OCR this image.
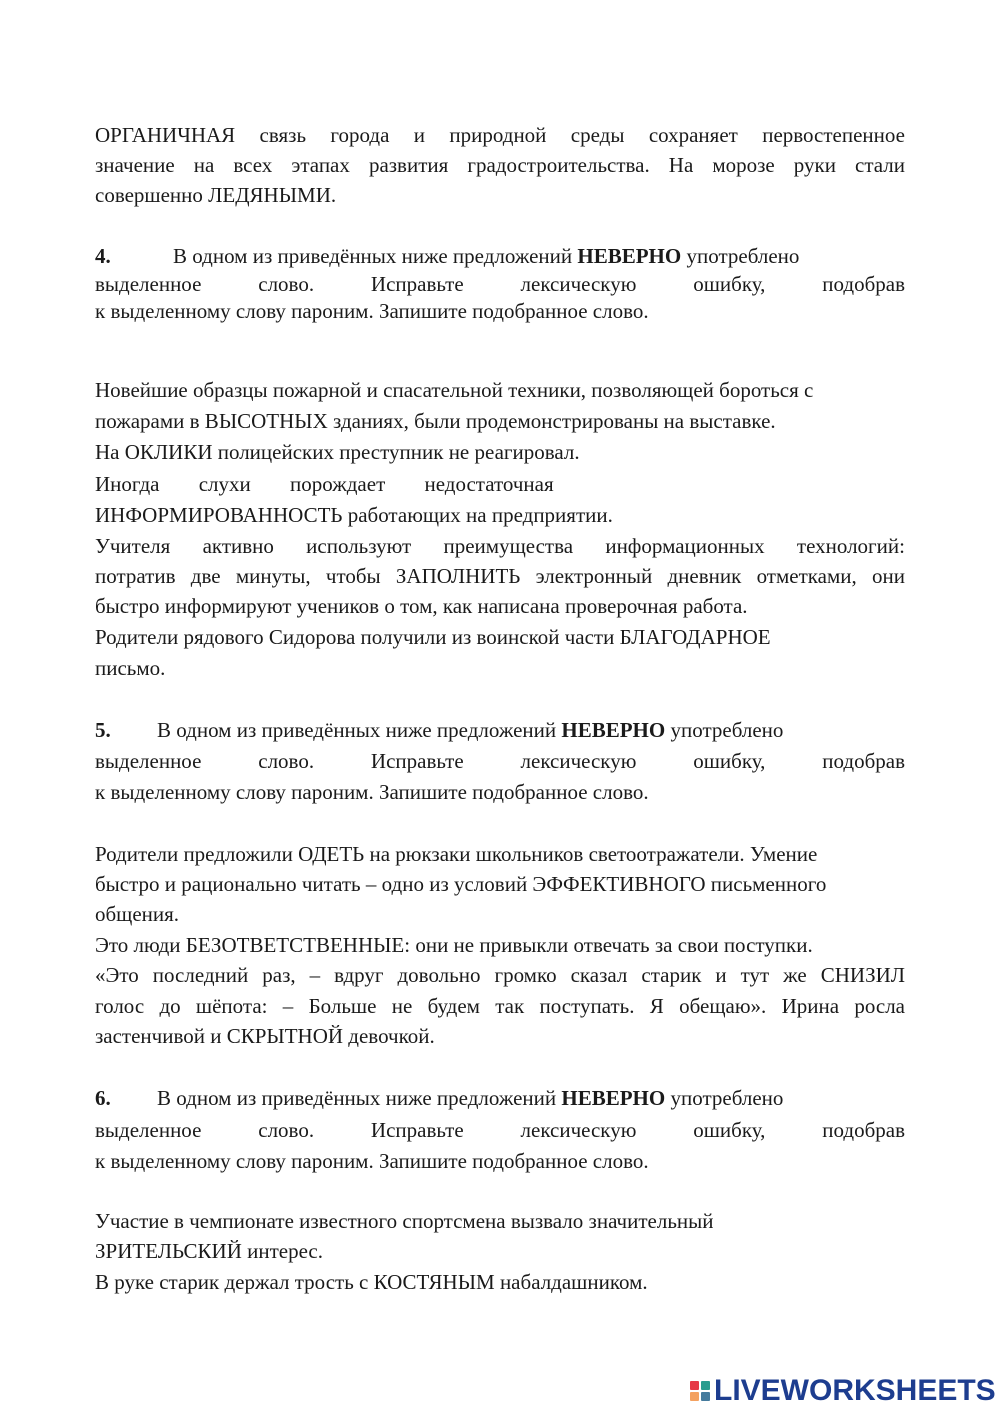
ОРГАНИЧНАЯ связь города и природной среды сохраняет первостепенное
значение на всех этапах развития градостроительства. На морозе руки стали
совершенно ЛЕДЯНЫМИ.
4.	В одном из приведённых ниже предложений НЕВЕРНО употреблено
выделенное слово. Исправьте лексическую ошибку, подобрав
к выделенному слову пароним. Запишите подобранное слово.
Новейшие образцы пожарной и спасательной техники, позволяющей бороться с
пожарами в ВЫСОТНЫХ зданиях, были продемонстрированы на выставке.
На ОКЛИКИ полицейских преступник не реагировал.
Иногда слухи порождает недостаточная
ИНФОРМИРОВАННОСТЬ работающих на предприятии.
Учителя активно используют преимущества информационных технологий:
потратив две минуты, чтобы ЗАПОЛНИТЬ электронный дневник отметками, они
быстро информируют учеников о том, как написана проверочная работа.
Родители рядового Сидорова получили из воинской части БЛАГОДАРНОЕ
письмо.
5. В одном из приведённых ниже предложений НЕВЕРНО употреблено
выделенное слово. Исправьте лексическую ошибку, подобрав
к выделенному слову пароним. Запишите подобранное слово.
Родители предложили ОДЕТЬ на рюкзаки школьников светоотражатели. Умение
быстро и рационально читать – одно из условий ЭФФЕКТИВНОГО письменного
общения.
Это люди БЕЗОТВЕТСТВЕННЫЕ: они не привыкли отвечать за свои поступки.
«Это последний раз, – вдруг довольно громко сказал старик и тут же СНИЗИЛ
голос до шёпота: – Больше не будем так поступать. Я обещаю». Ирина росла
застенчивой и СКРЫТНОЙ девочкой.
6. В одном из приведённых ниже предложений НЕВЕРНО употреблено
выделенное слово. Исправьте лексическую ошибку, подобрав
к выделенному слову пароним. Запишите подобранное слово.
Участие в чемпионате известного спортсмена вызвало значительный
ЗРИТЕЛЬСКИЙ интерес.
В руке старик держал трость с КОСТЯНЫМ набалдашником.
LIVEWORKSHEETS
